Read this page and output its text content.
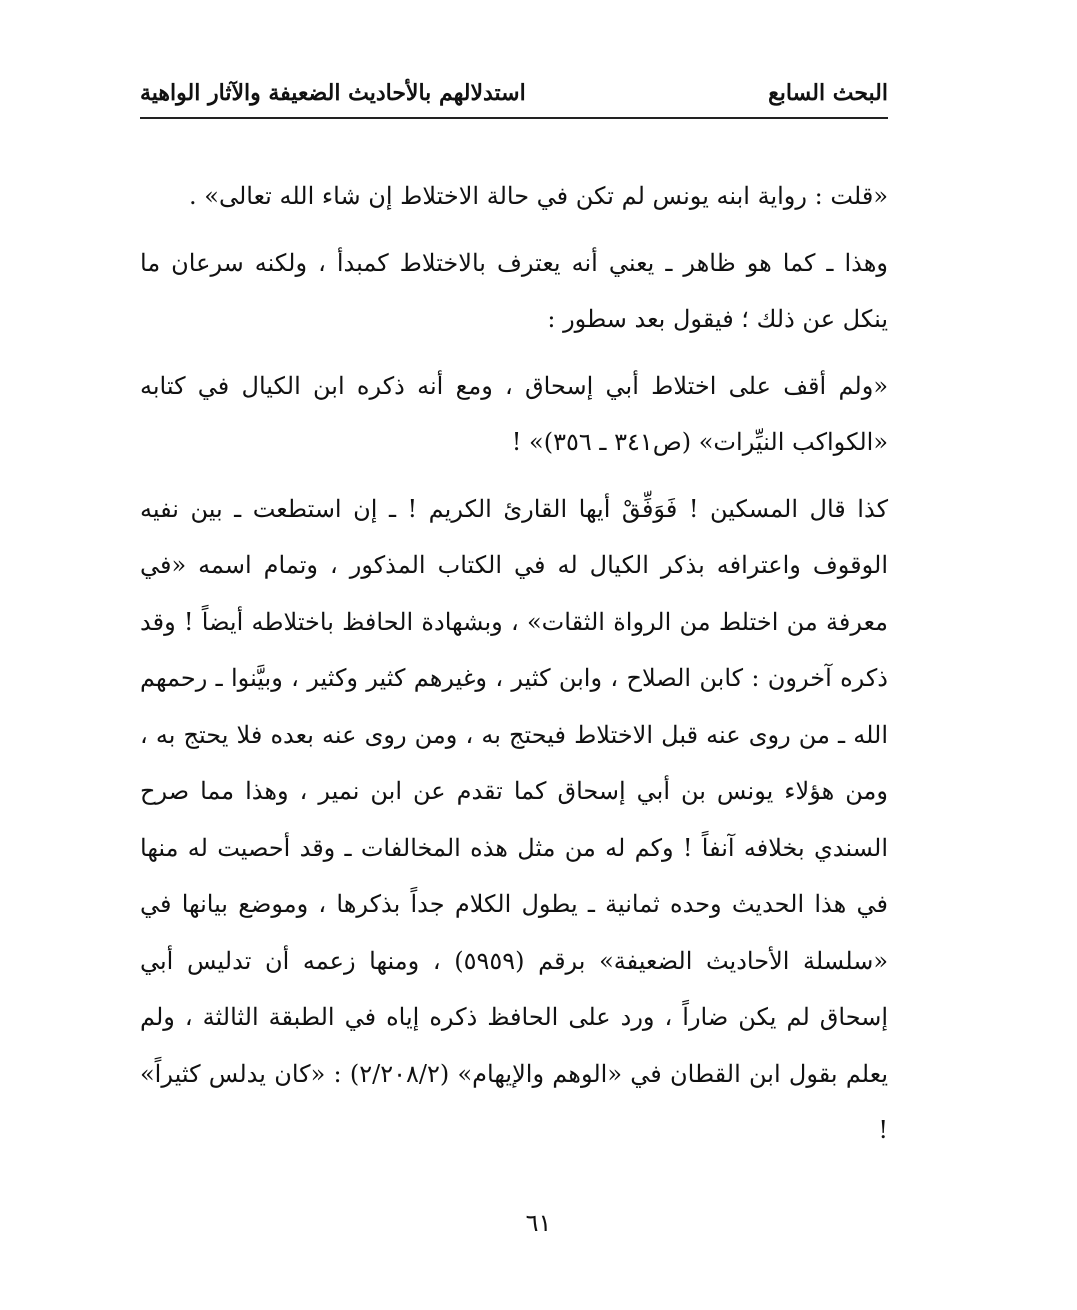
البحث السابع
استدلالهم بالأحاديث الضعيفة والآثار الواهية

«قلت : رواية ابنه يونس لم تكن في حالة الاختلاط إن شاء الله تعالى» .

وهذا ـ كما هو ظاهر ـ يعني أنه يعترف بالاختلاط كمبدأ ، ولكنه سرعان ما ينكل عن ذلك ؛ فيقول بعد سطور :

«ولم أقف على اختلاط أبي إسحاق ، ومع أنه ذكره ابن الكيال في كتابه «الكواكب النيِّرات» (ص٣٤١ ـ ٣٥٦)» !

كذا قال المسكين ! فَوَفِّقْ أيها القارئ الكريم ! ـ إن استطعت ـ بين نفيه الوقوف واعترافه بذكر الكيال له في الكتاب المذكور ، وتمام اسمه «في معرفة من اختلط من الرواة الثقات» ، وبشهادة الحافظ باختلاطه أيضاً ! وقد ذكره آخرون : كابن الصلاح ، وابن كثير ، وغيرهم كثير وكثير ، وبيَّنوا ـ رحمهم الله ـ من روى عنه قبل الاختلاط فيحتج به ، ومن روى عنه بعده فلا يحتج به ، ومن هؤلاء يونس بن أبي إسحاق كما تقدم عن ابن نمير ، وهذا مما صرح السندي بخلافه آنفاً ! وكم له من مثل هذه المخالفات ـ وقد أحصيت له منها في هذا الحديث وحده ثمانية ـ يطول الكلام جداً بذكرها ، وموضع بيانها في «سلسلة الأحاديث الضعيفة» برقم (٥٩٥٩) ، ومنها زعمه أن تدليس أبي إسحاق لم يكن ضاراً ، ورد على الحافظ ذكره إياه في الطبقة الثالثة ، ولم يعلم بقول ابن القطان في «الوهم والإيهام» (٢/٢٠٨/٢) : «كان يدلس كثيراً» !

٦١
